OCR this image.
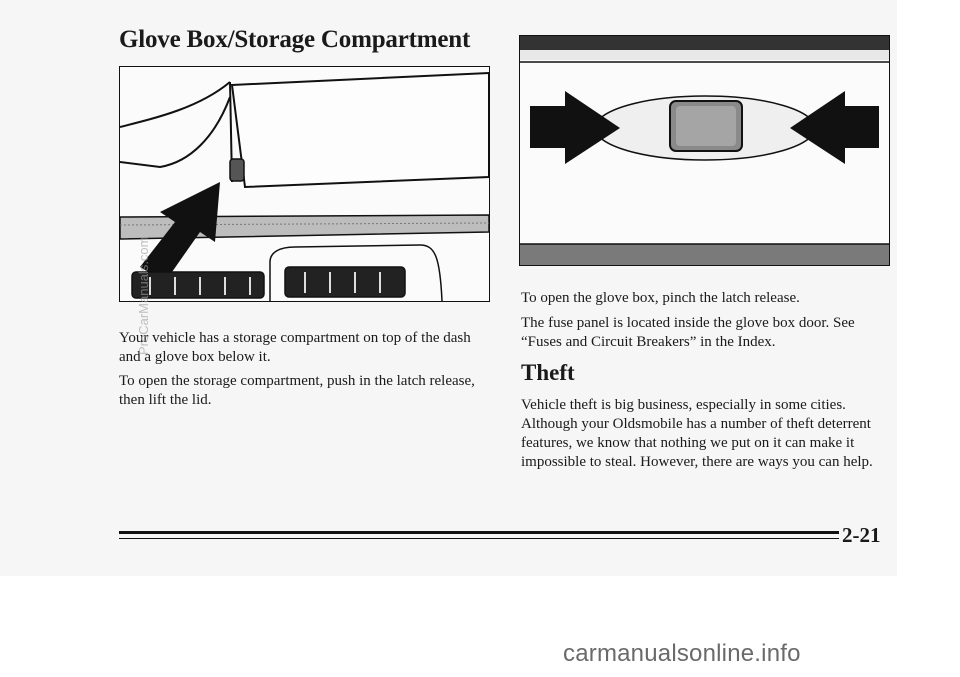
Glove Box/Storage Compartment

Your vehicle has a storage compartment on top of the dash and a glove box below it.

To open the storage compartment, push in the latch release, then lift the lid.

To open the glove box, pinch the latch release.

The fuse panel is located inside the glove box door. See “Fuses and Circuit Breakers” in the Index.

Theft

Vehicle theft is big business, especially in some cities. Although your Oldsmobile has a number of theft deterrent features, we know that nothing we put on it can make it impossible to steal. However, there are ways you can help.

2-21

ProCarManuals.com
carmanualsonline.info
